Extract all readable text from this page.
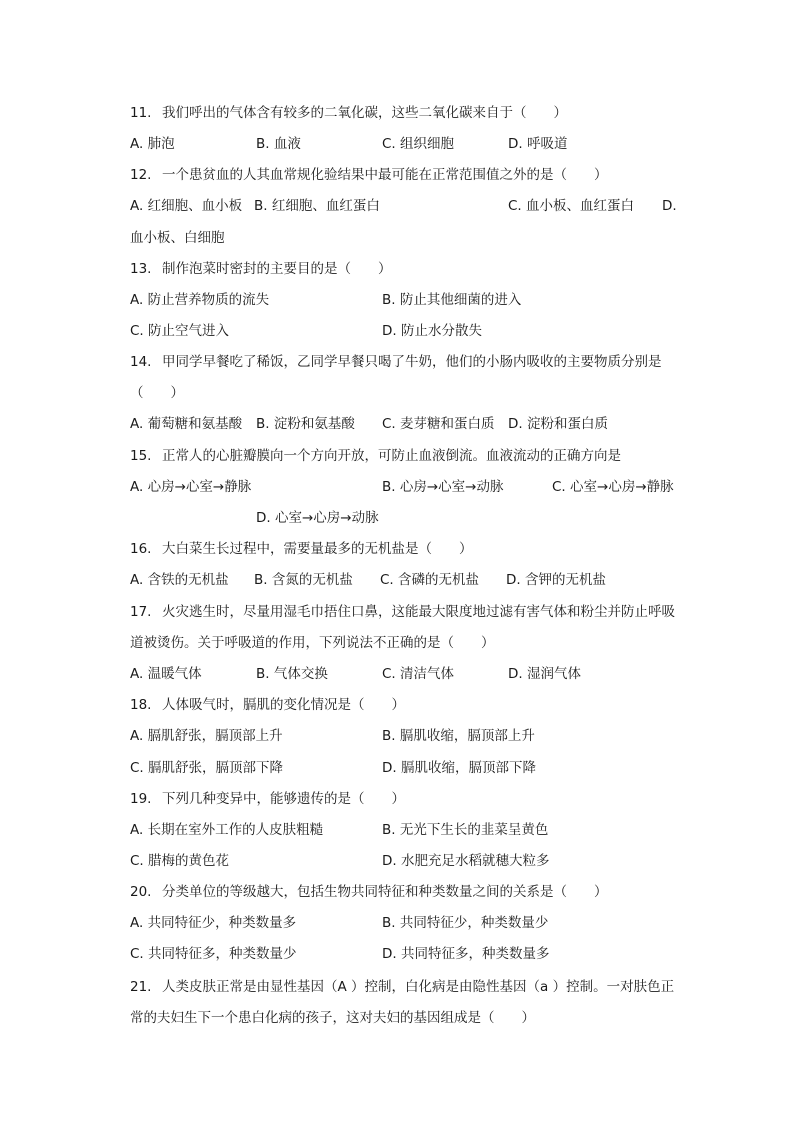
11. 我们呼出的气体含有较多的二氧化碳，这些二氧化碳来自于（　　）
A. 肺泡	B. 血液	C. 组织细胞	D. 呼吸道
12. 一个患贫血的人其血常规化验结果中最可能在正常范围值之外的是（　　）
A. 红细胞、血小板 B. 红细胞、血红蛋白	C. 血小板、血红蛋白 D.
血小板、白细胞
13. 制作泡菜时密封的主要目的是（　　）
A. 防止营养物质的流失	B. 防止其他细菌的进入
C. 防止空气进入	D. 防止水分散失
14. 甲同学早餐吃了稀饭，乙同学早餐只喝了牛奶，他们的小肠内吸收的主要物质分别是
（　　）
A. 葡萄糖和氨基酸 B. 淀粉和氨基酸 C. 麦芽糖和蛋白质 D. 淀粉和蛋白质
15. 正常人的心脏瓣膜向一个方向开放，可防止血液倒流。血液流动的正确方向是
A. 心房→心室→静脉	B. 心房→心室→动脉	C. 心室→心房→静脉
D. 心室→心房→动脉
16. 大白菜生长过程中，需要量最多的无机盐是（　　）
A. 含铁的无机盐 B. 含氮的无机盐 C. 含磷的无机盐 D. 含钾的无机盐
17. 火灾逃生时，尽量用湿毛巾捂住口鼻，这能最大限度地过滤有害气体和粉尘并防止呼吸
道被烫伤。关于呼吸道的作用，下列说法不正确的是（　　）
A. 温暖气体	B. 气体交换	C. 清洁气体	D. 湿润气体
18. 人体吸气时，膈肌的变化情况是（　　）
A. 膈肌舒张，膈顶部上升	B. 膈肌收缩，膈顶部上升
C. 膈肌舒张，膈顶部下降	D. 膈肌收缩，膈顶部下降
19. 下列几种变异中，能够遗传的是（　　）
A. 长期在室外工作的人皮肤粗糙	B. 无光下生长的韭菜呈黄色
C. 腊梅的黄色花	D. 水肥充足水稻就穗大粒多
20. 分类单位的等级越大，包括生物共同特征和种类数量之间的关系是（　　）
A. 共同特征少，种类数量多	B. 共同特征少，种类数量少
C. 共同特征多，种类数量少	D. 共同特征多，种类数量多
21. 人类皮肤正常是由显性基因（A ）控制，白化病是由隐性基因（a ）控制。一对肤色正
常的夫妇生下一个患白化病的孩子，这对夫妇的基因组成是（　　）
